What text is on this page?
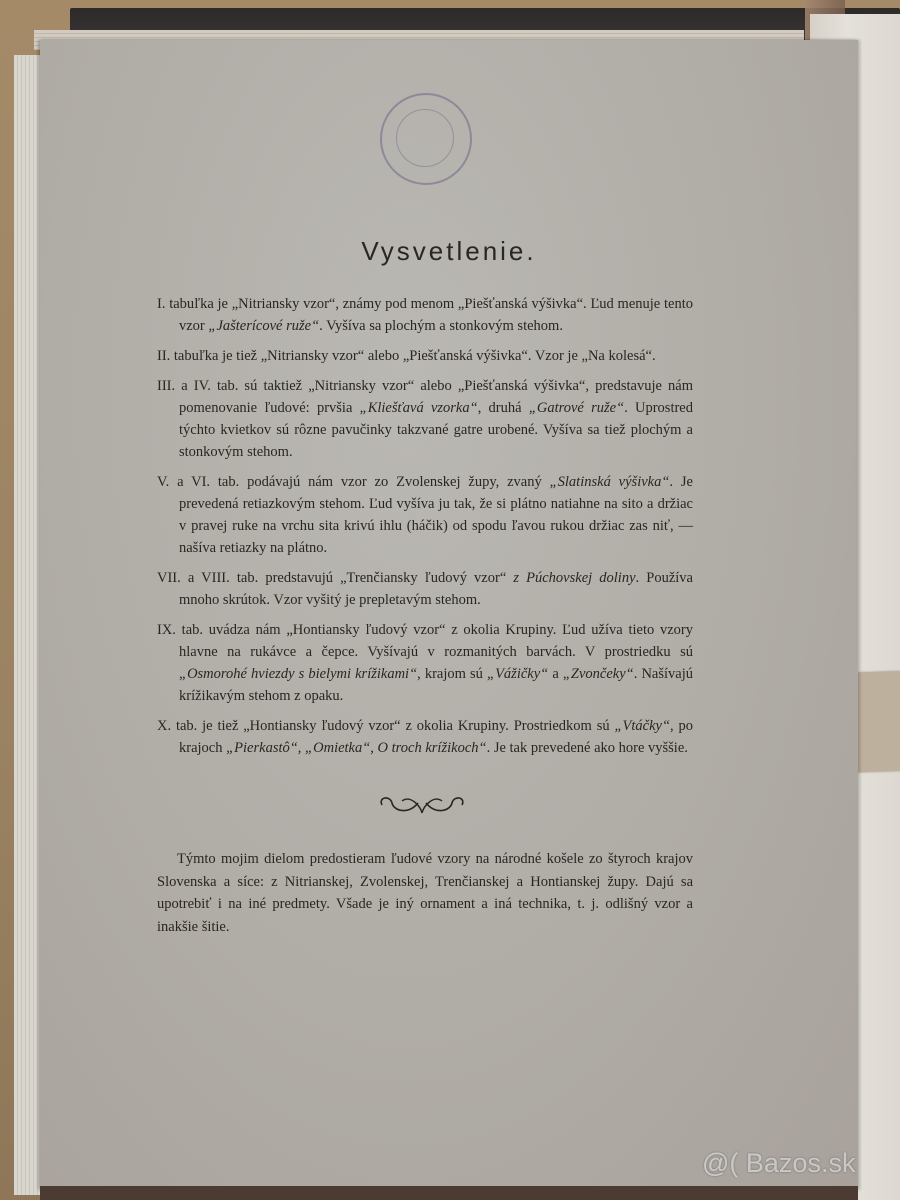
Vysvetlenie.

I. tabuľka je „Nitriansky vzor“, známy pod menom „Piešťanská výšivka“. Ľud menuje tento vzor „Jašterícové ruže“. Vyšíva sa plochým a stonkovým stehom.

II. tabuľka je tiež „Nitriansky vzor“ alebo „Piešťanská výšivka“. Vzor je „Na kolesá“.

III. a IV. tab. sú taktiež „Nitriansky vzor“ alebo „Piešťanská výšivka“, predstavuje nám pomenovanie ľudové: prvšia „Kliešťavá vzorka“, druhá „Gatrové ruže“. Uprostred týchto kvietkov sú rôzne pavučinky takzvané gatre urobené. Vyšíva sa tiež plochým a stonkovým stehom.

V. a VI. tab. podávajú nám vzor zo Zvolenskej župy, zvaný „Slatinská výšivka“. Je prevedená retiazkovým stehom. Ľud vyšíva ju tak, že si plátno natiahne na sito a držiac v pravej ruke na vrchu sita krivú ihlu (háčik) od spodu ľavou rukou držiac zas niť, — našíva retiazky na plátno.

VII. a VIII. tab. predstavujú „Trenčiansky ľudový vzor“ z Púchovskej doliny. Používa mnoho skrútok. Vzor vyšitý je prepletavým stehom.

IX. tab. uvádza nám „Hontiansky ľudový vzor“ z okolia Krupiny. Ľud užíva tieto vzory hlavne na rukávce a čepce. Vyšívajú v rozmanitých barvách. V prostriedku sú „Osmorohé hviezdy s bielymi krížikami“, krajom sú „Vážičky“ a „Zvončeky“. Našívajú krížikavým stehom z opaku.

X. tab. je tiež „Hontiansky ľudový vzor“ z okolia Krupiny. Prostriedkom sú „Vtáčky“, po krajoch „Pierkastô“, „Omietka“, O troch krížikoch“. Je tak prevedené ako hore vyššie.

Týmto mojim dielom predostieram ľudové vzory na národné košele zo štyroch krajov Slovenska a síce: z Nitrianskej, Zvolenskej, Trenčianskej a Hontianskej župy. Dajú sa upotrebiť i na iné predmety. Všade je iný ornament a iná technika, t. j. odlišný vzor a inakšie šitie.

@( Bazos.sk
